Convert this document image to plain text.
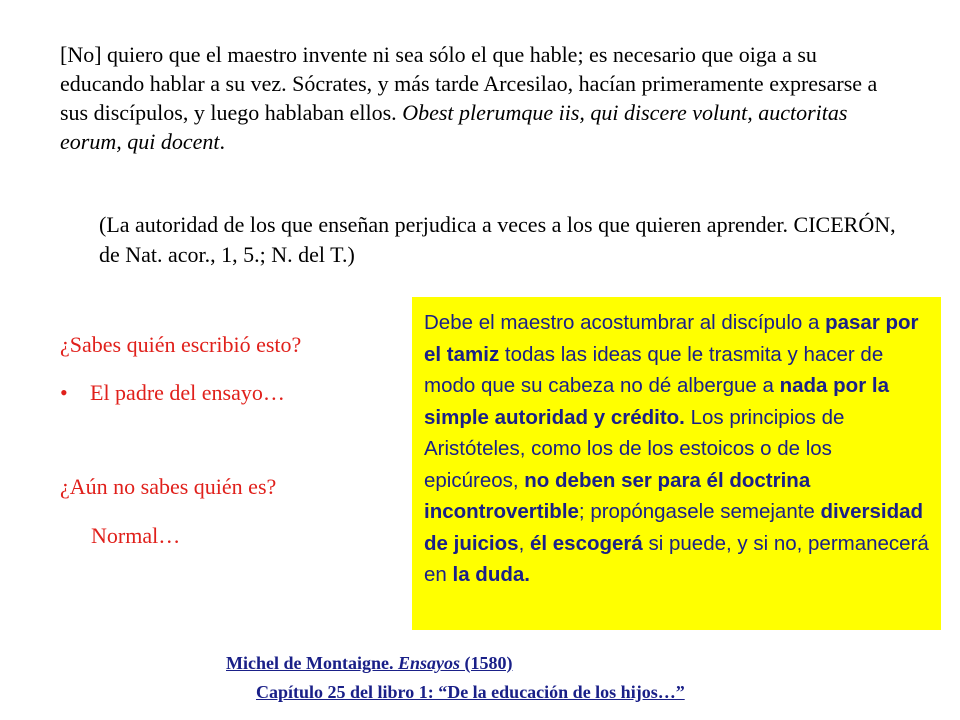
[No] quiero que el maestro invente ni sea sólo el que hable; es necesario que oiga a su educando hablar a su vez. Sócrates, y más tarde Arcesilao, hacían primeramente expresarse a sus discípulos, y luego hablaban ellos. Obest plerumque iis, qui discere volunt, auctoritas eorum, qui docent.

(La autoridad de los que enseñan perjudica a veces a los que quieren aprender. CICERÓN, de Nat. acor., 1, 5.; N. del T.)

¿Sabes quién escribió esto?

• El padre del ensayo…

¿Aún no sabes quién es?

Normal…

Debe el maestro acostumbrar al discípulo a pasar por el tamiz todas las ideas que le trasmita y hacer de modo que su cabeza no dé albergue a nada por la simple autoridad y crédito. Los principios de Aristóteles, como los de los estoicos o de los epicúreos, no deben ser para él doctrina incontrovertible; propóngasele semejante diversidad de juicios, él escogerá si puede, y si no, permanecerá en la duda.
Michel de Montaigne. Ensayos (1580)
Capítulo 25 del libro 1: “De la educación de los hijos…”
